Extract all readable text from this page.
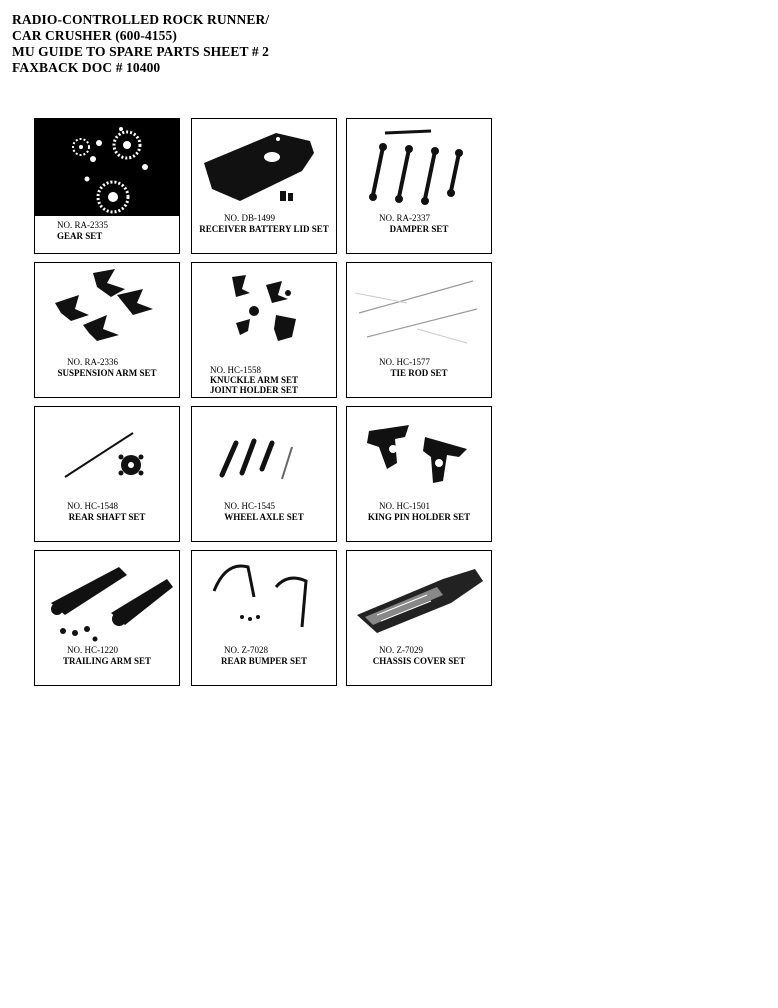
RADIO-CONTROLLED ROCK RUNNER/
CAR CRUSHER (600-4155)
MU GUIDE TO SPARE PARTS SHEET # 2
FAXBACK DOC # 10400
NO. RA-2335
GEAR SET
NO. DB-1499
RECEIVER BATTERY LID SET
NO. RA-2337
DAMPER SET
NO. RA-2336
SUSPENSION ARM SET	NO. HC-1558
KNUCKLE ARM SET
JOINT HOLDER SET
NO. HC-1577
TIE ROD SET
NO. HC-1548
REAR SHAFT SET
NO. HC-1545
WHEEL AXLE SET
NO. HC-1501
KING PIN HOLDER SET
NO. HC-1220
TRAILING ARM SET
NO. Z-7028
REAR BUMPER SET
NO. Z-7029
CHASSIS COVER SET
